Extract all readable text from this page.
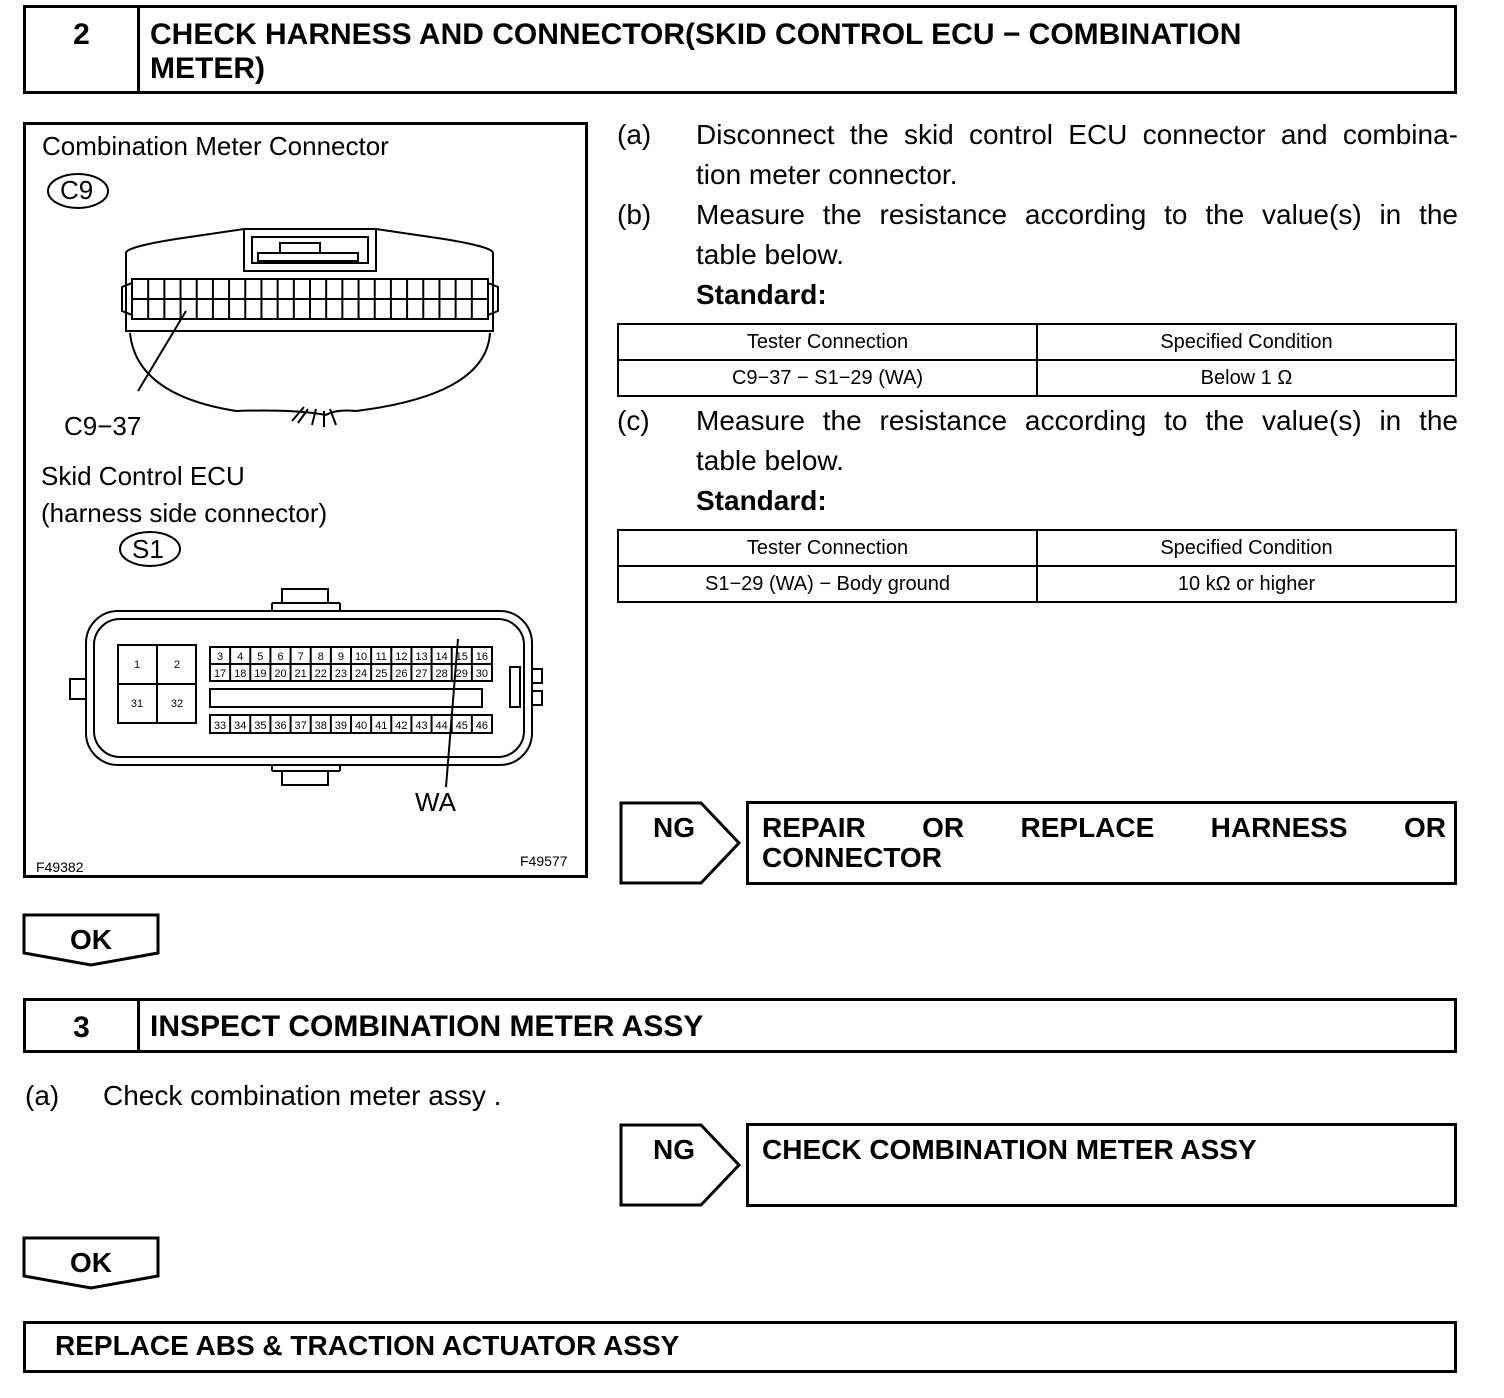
2	CHECK HARNESS AND CONNECTOR(SKID CONTROL ECU − COMBINATION
METER)
Combination Meter Connector
C9
C9−37
Skid Control ECU
(harness side connector)
S1
WA
F49382	F49577
3 4 5 6 7 8 9 10 11 12 13 14 15 16
17 18 19 20 21 22 23 24 25 26 27 28 29 30
33 34 35 36 37 38 39 40 41 42 43 44 45 46
1	2
31	32
(a) Disconnect the skid control ECU connector and combina-
tion meter connector.
(b) Measure the resistance according to the value(s) in the
table below.
Standard:
Tester Connection	Specified Condition
C9−37 − S1−29 (WA)	Below 1 Ω
(c) Measure the resistance according to the value(s) in the
table below.
Standard:
Tester Connection	Specified Condition
S1−29 (WA) − Body ground	10 kΩ or higher
NG REPAIR OR REPLACE HARNESS OR
CONNECTOR
OK
3	INSPECT COMBINATION METER ASSY
(a) Check combination meter assy .
NG CHECK COMBINATION METER ASSY
OK
REPLACE ABS & TRACTION ACTUATOR ASSY
